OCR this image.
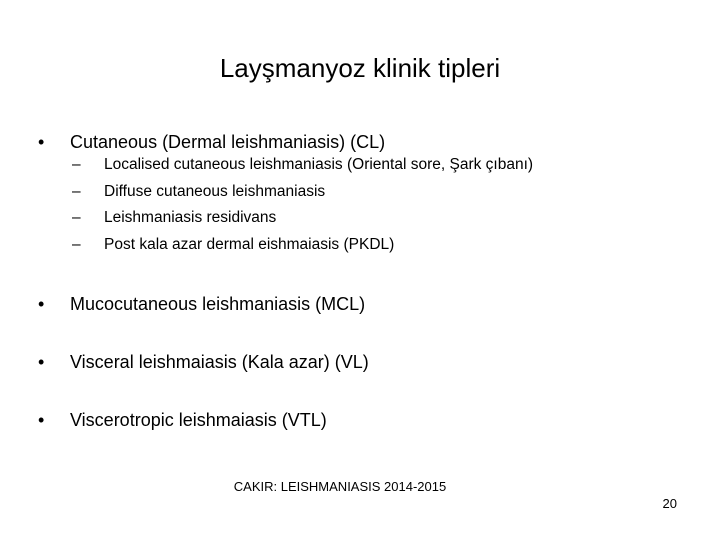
Layşmanyoz klinik tipleri
• Cutaneous (Dermal leishmaniasis) (CL)
– Localised cutaneous leishmaniasis (Oriental sore, Şark çıbanı)
– Diffuse cutaneous leishmaniasis
– Leishmaniasis residivans
– Post kala azar dermal eishmaiasis (PKDL)
• Mucocutaneous leishmaniasis (MCL)
• Visceral leishmaiasis (Kala azar) (VL)
• Viscerotropic leishmaiasis (VTL)
CAKIR: LEISHMANIASIS 2014-2015
20
